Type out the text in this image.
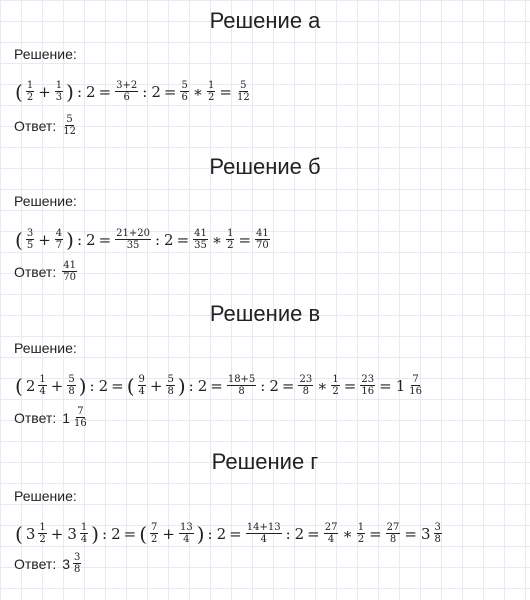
Решение а
Решение:
( $\frac{1}{2} + \frac{1}{3}$ ) : $2 = \frac{3+2}{6}$ : $2 = \frac{5}{6}$ ∗ $\frac{1}{2} = \frac{5}{12}$
Ответ: $\frac{5}{12}$
Решение б
Решение:
( $\frac{3}{5} + \frac{4}{7}$ ) : $2 = \frac{21+20}{35}$ : $2 = \frac{41}{35}$ ∗ $\frac{1}{2} = \frac{41}{70}$
Ответ: $\frac{41}{70}$
Решение в
Решение:
( $2 \frac{1}{4} + \frac{5}{8}$ ) : 2 = ( $\frac{9}{4} + \frac{5}{8}$ ) : $2 = \frac{18+5}{8}$ : $2 = \frac{23}{8}$ ∗ $\frac{1}{2} = \frac{23}{16} = 1 \frac{7}{16}$
Ответ: $1 \frac{7}{16}$
Решение г
Решение:
( $3 \frac{1}{2} + 3 \frac{1}{4}$ ) : 2 = ( $\frac{7}{2} + \frac{13}{4}$ ) : $2 = \frac{14+13}{4}$ : $2 = \frac{27}{4}$ ∗ $\frac{1}{2} = \frac{27}{8} = 3 \frac{3}{8}$
Ответ: $3 \frac{3}{8}$
